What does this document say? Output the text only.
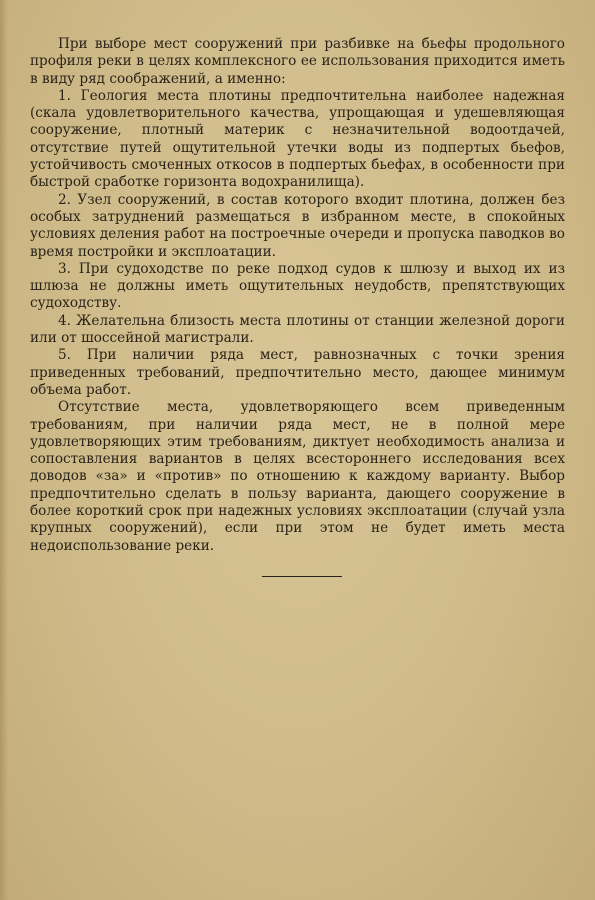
При выборе мест сооружений при разбивке на бьефы продольного профиля реки в целях комплексного ее использования приходится иметь в виду ряд соображений, а именно:

1. Геология места плотины предпочтительна наиболее надежная (скала удовлетворительного качества, упрощающая и удешевляющая сооружение, плотный материк с незначительной водоотдачей, отсутствие путей ощутительной утечки воды из подпертых бьефов, устойчивость смоченных откосов в подпертых бьефах, в особенности при быстрой сработке горизонта водохранилища).

2. Узел сооружений, в состав которого входит плотина, должен без особых затруднений размещаться в избранном месте, в спокойных условиях деления работ на построечные очереди и пропуска паводков во время постройки и эксплоатации.

3. При судоходстве по реке подход судов к шлюзу и выход их из шлюза не должны иметь ощутительных неудобств, препятствующих судоходству.

4. Желательна близость места плотины от станции железной дороги или от шоссейной магистрали.

5. При наличии ряда мест, равнозначных с точки зрения приведенных требований, предпочтительно место, дающее минимум объема работ.

Отсутствие места, удовлетворяющего всем приведенным требованиям, при наличии ряда мест, не в полной мере удовлетворяющих этим требованиям, диктует необходимость анализа и сопоставления вариантов в целях всестороннего исследования всех доводов «за» и «против» по отношению к каждому варианту. Выбор предпочтительно сделать в пользу варианта, дающего сооружение в более короткий срок при надежных условиях эксплоатации (случай узла крупных сооружений), если при этом не будет иметь места недоиспользование реки.
